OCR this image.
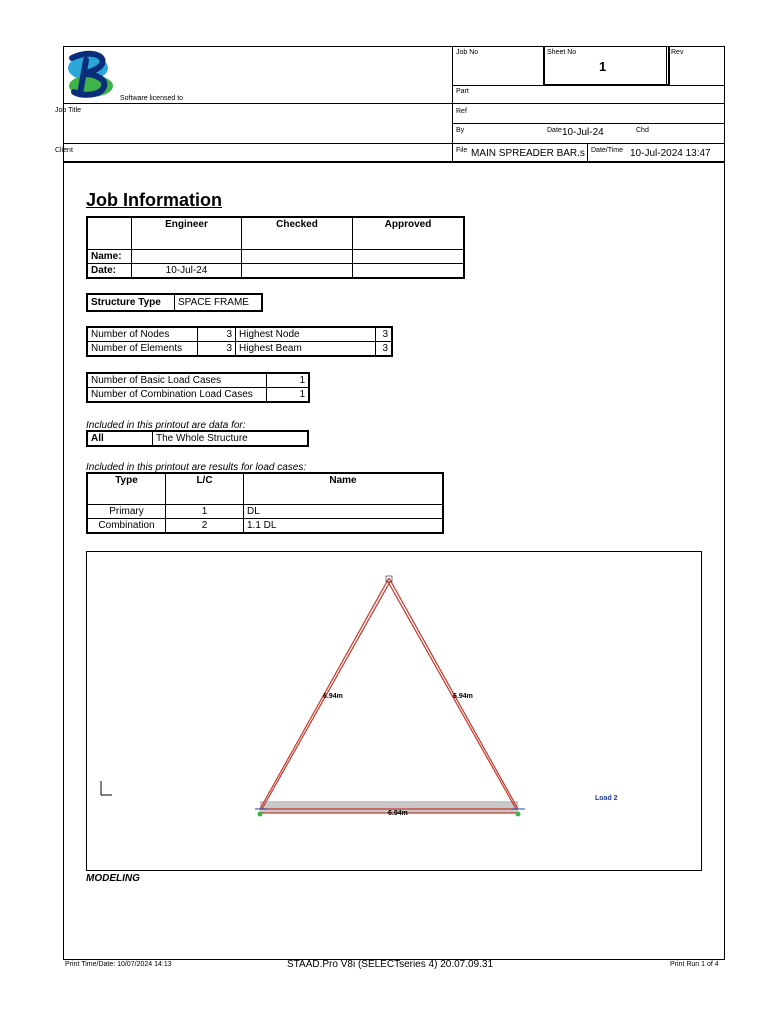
Software licensed to
Job Title
Client
Job No	Sheet No
1
Rev
Part
Ref
By	Date 10-Jul-24	Chd
File MAIN SPREADER BAR.s Date/Time 10-Jul-2024 13:47
Job Information
	Engineer	Checked	Approved
Name:			
Date:	10-Jul-24		
Structure Type	SPACE FRAME
Number of Nodes	3	Highest Node	3
Number of Elements	3	Highest Beam	3
Number of Basic Load Cases	1
Number of Combination Load Cases	1
Included in this printout are data for:
All	The Whole Structure
Included in this printout are results for load cases:
Type	L/C	Name
Primary	1	DL
Combination	2	1.1 DL
6.94m	6.94m
6.94m
Load 2
MODELING
Print Time/Date: 10/07/2024 14:13	STAAD.Pro V8i (SELECTseries 4) 20.07.09.31	Print Run 1 of 4
